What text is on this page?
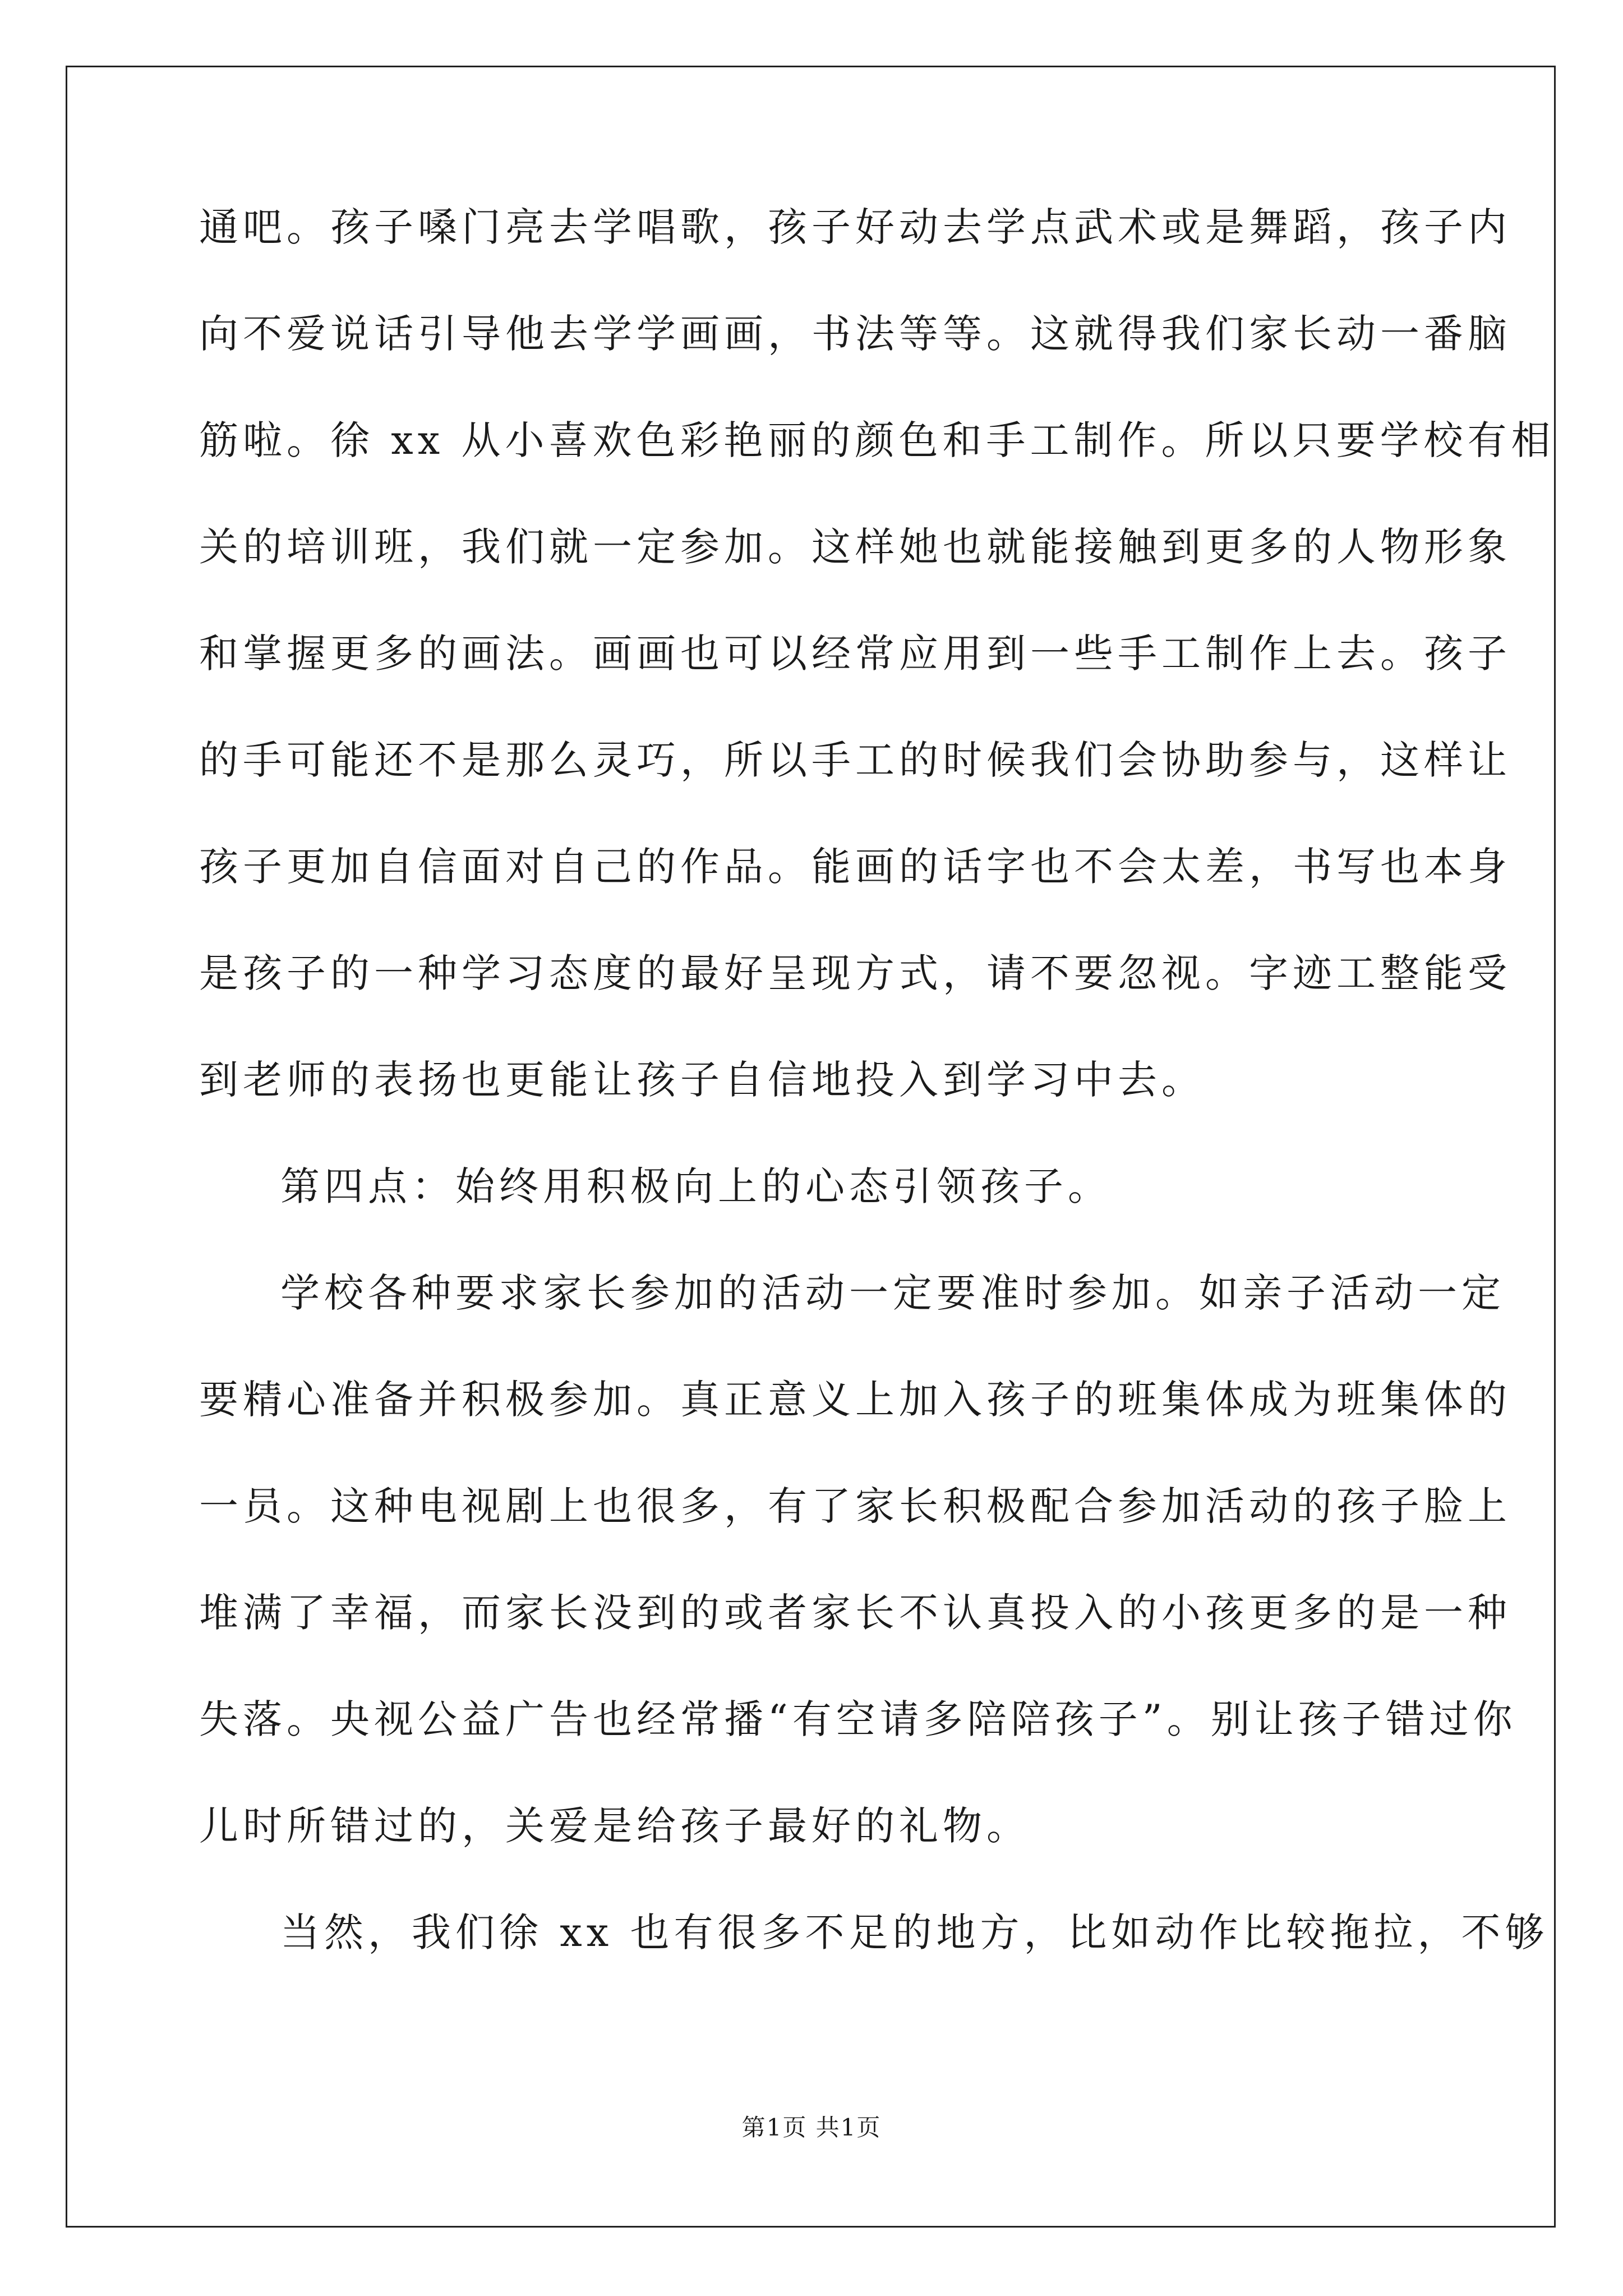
通吧。孩子嗓门亮去学唱歌，孩子好动去学点武术或是舞蹈，孩子内
向不爱说话引导他去学学画画，书法等等。这就得我们家长动一番脑
筋啦。徐 xx 从小喜欢色彩艳丽的颜色和手工制作。所以只要学校有相
关的培训班，我们就一定参加。这样她也就能接触到更多的人物形象
和掌握更多的画法。画画也可以经常应用到一些手工制作上去。孩子
的手可能还不是那么灵巧，所以手工的时候我们会协助参与，这样让
孩子更加自信面对自己的作品。能画的话字也不会太差，书写也本身
是孩子的一种学习态度的最好呈现方式，请不要忽视。字迹工整能受
到老师的表扬也更能让孩子自信地投入到学习中去。
第四点：始终用积极向上的心态引领孩子。
学校各种要求家长参加的活动一定要准时参加。如亲子活动一定
要精心准备并积极参加。真正意义上加入孩子的班集体成为班集体的
一员。这种电视剧上也很多，有了家长积极配合参加活动的孩子脸上
堆满了幸福，而家长没到的或者家长不认真投入的小孩更多的是一种
失落。央视公益广告也经常播“有空请多陪陪孩子”。别让孩子错过你
儿时所错过的，关爱是给孩子最好的礼物。
当然，我们徐 xx 也有很多不足的地方，比如动作比较拖拉，不够
第1页 共1页
